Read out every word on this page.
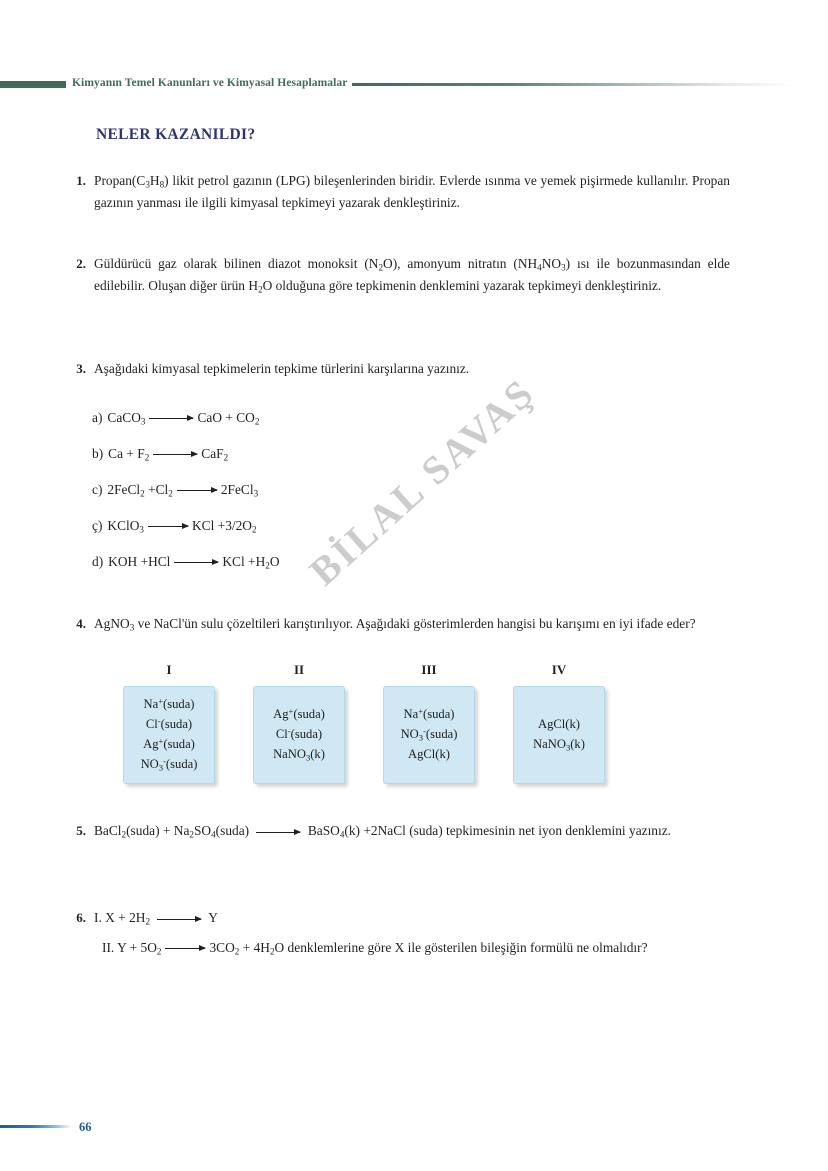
Kimyanın Temel Kanunları ve Kimyasal Hesaplamalar
NELER KAZANILDI?
1. $Propan(C_3H_8)$ likit petrol gazının (LPG) bileşenlerinden biridir. Evlerde ısınma ve yemek pişirmede kullanılır. Propan gazının yanması ile ilgili kimyasal tepkimeyi yazarak denkleştiriniz.
2. Güldürücü gaz olarak bilinen diazot monoksit $(N_2O)$, amonyum nitratın $(NH_4NO_3)$ ısı ile bozunmasından elde edilebilir. Oluşan diğer ürün $H_2O$ olduğuna göre tepkimenin denklemini yazarak tepkimeyi denkleştiriniz.
3. Aşağıdaki kimyasal tepkimelerin tepkime türlerini karşılarına yazınız.
a) CaCO$_3$	CaO + $CO_2$
b) $Ca + F_2$	CaF$_2$
c) 2FeCl$_2$ $+Cl_2$	2FeCl$_3$
ç) KClO$_3$	KCl $+3/2O_2$
d) KOH +HCl	KCl $+H_2O$
4. AgNO$_3$ ve NaCl'ün sulu çözeltileri karıştırılıyor. Aşağıdaki gösterimlerden hangisi bu karışımı en iyi ifade eder?
I	II	III	IV
Na+(suda)
Cl-(suda)
Ag+(suda)
$NO_3^-(suda)$
Ag+(suda)
Cl-(suda)
NaNO$_3$(k)
Na+(suda)
$NO_3^-(suda)$
AgCl(k)
AgCl(k)
NaNO$_3$(k)
5. BaCl$_2$(suda) + $Na_2SO_4(suda)$	BaSO$_4$(k) +2NaCl (suda) tepkimesinin net iyon denklemini yazınız.
6. I. $X + 2H_2$	Y
II. $Y + 5O_2$	$3CO_2 + 4H_2O$ denklemlerine göre X ile gösterilen bileşiğin formülü ne olmalıdır?
BİLAL SAVAŞ
66
